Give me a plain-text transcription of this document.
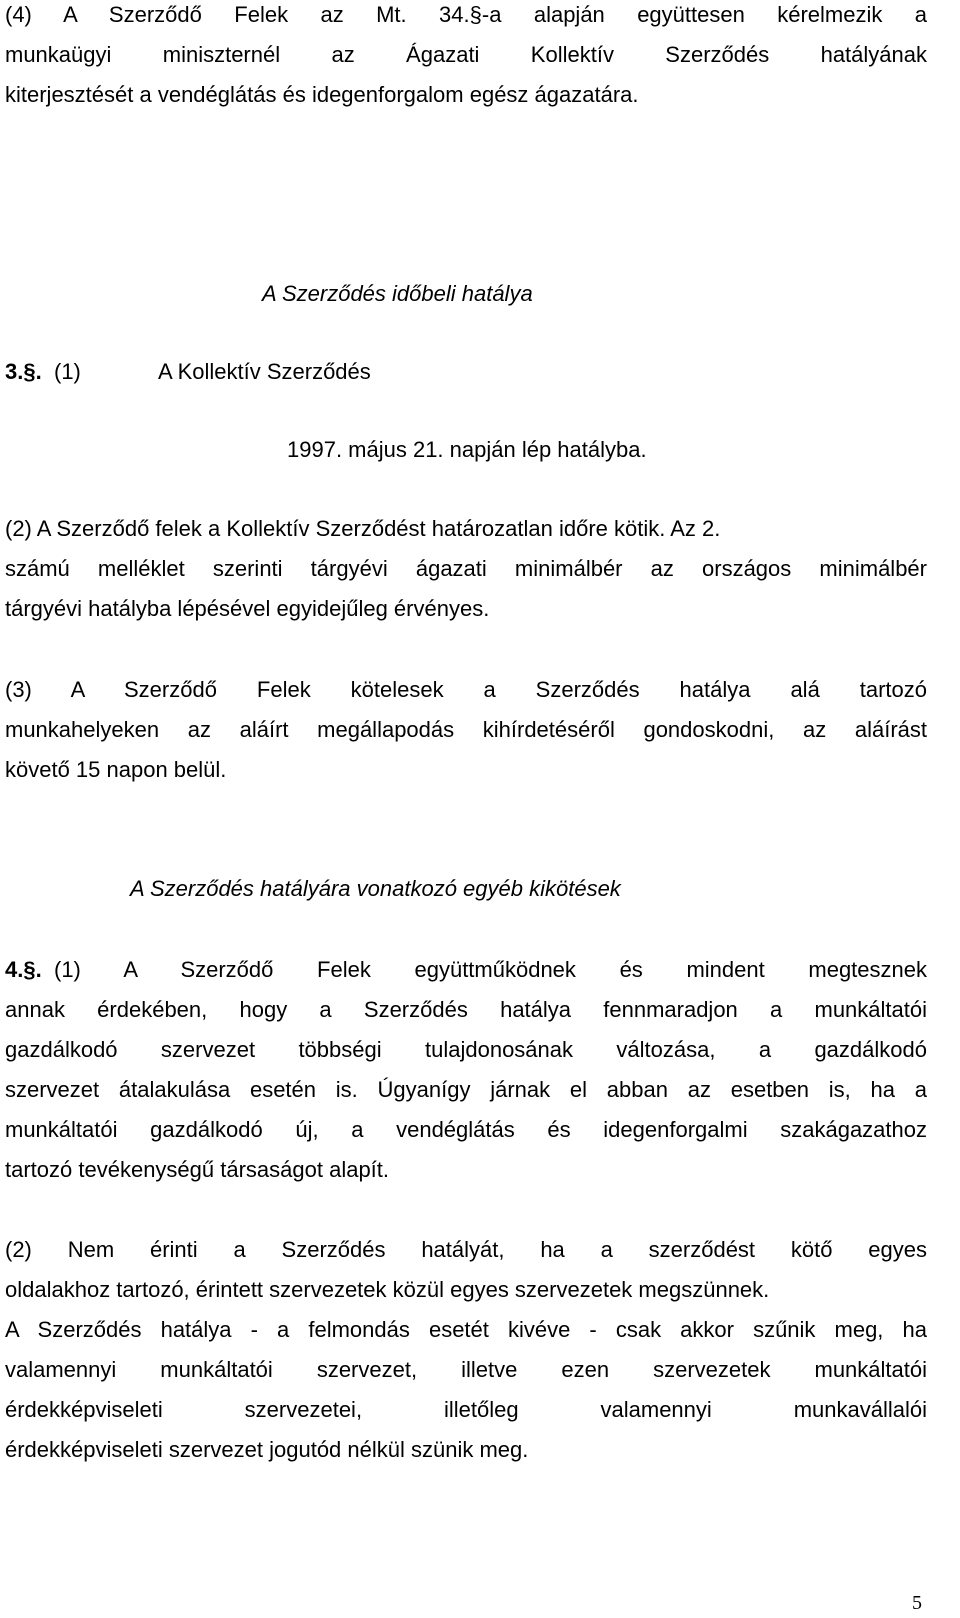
(4) A Szerződő Felek az Mt. 34.§-a alapján együttesen kérelmezik a
munkaügyi miniszternél az Ágazati Kollektív Szerződés hatályának
kiterjesztését a vendéglátás és idegenforgalom egész ágazatára.
A Szerződés időbeli hatálya
3.§. (1)	A Kollektív Szerződés
1997. május 21. napján lép hatályba.
(2) A Szerződő felek a Kollektív Szerződést határozatlan időre kötik. Az 2.
számú melléklet szerinti tárgyévi ágazati minimálbér az országos minimálbér
tárgyévi hatályba lépésével egyidejűleg érvényes.
(3) A Szerződő Felek kötelesek a Szerződés hatálya alá tartozó
munkahelyeken az aláírt megállapodás kihírdetéséről gondoskodni, az aláírást
követő 15 napon belül.
A Szerződés hatályára vonatkozó egyéb kikötések
4.§. (1) A Szerződő Felek együttműködnek és mindent megtesznek
annak érdekében, hogy a Szerződés hatálya fennmaradjon a munkáltatói
gazdálkodó szervezet többségi tulajdonosának változása, a gazdálkodó
szervezet átalakulása esetén is. Úgyanígy járnak el abban az esetben is, ha a
munkáltatói gazdálkodó új, a vendéglátás és idegenforgalmi szakágazathoz
tartozó tevékenységű társaságot alapít.
(2) Nem érinti a Szerződés hatályát, ha a szerződést kötő egyes
oldalakhoz tartozó, érintett szervezetek közül egyes szervezetek megszünnek.
A Szerződés hatálya - a felmondás esetét kivéve - csak akkor szűnik meg, ha
valamennyi munkáltatói szervezet, illetve ezen szervezetek munkáltatói
érdekképviseleti szervezetei, illetőleg valamennyi munkavállalói
érdekképviseleti szervezet jogutód nélkül szünik meg.
5
